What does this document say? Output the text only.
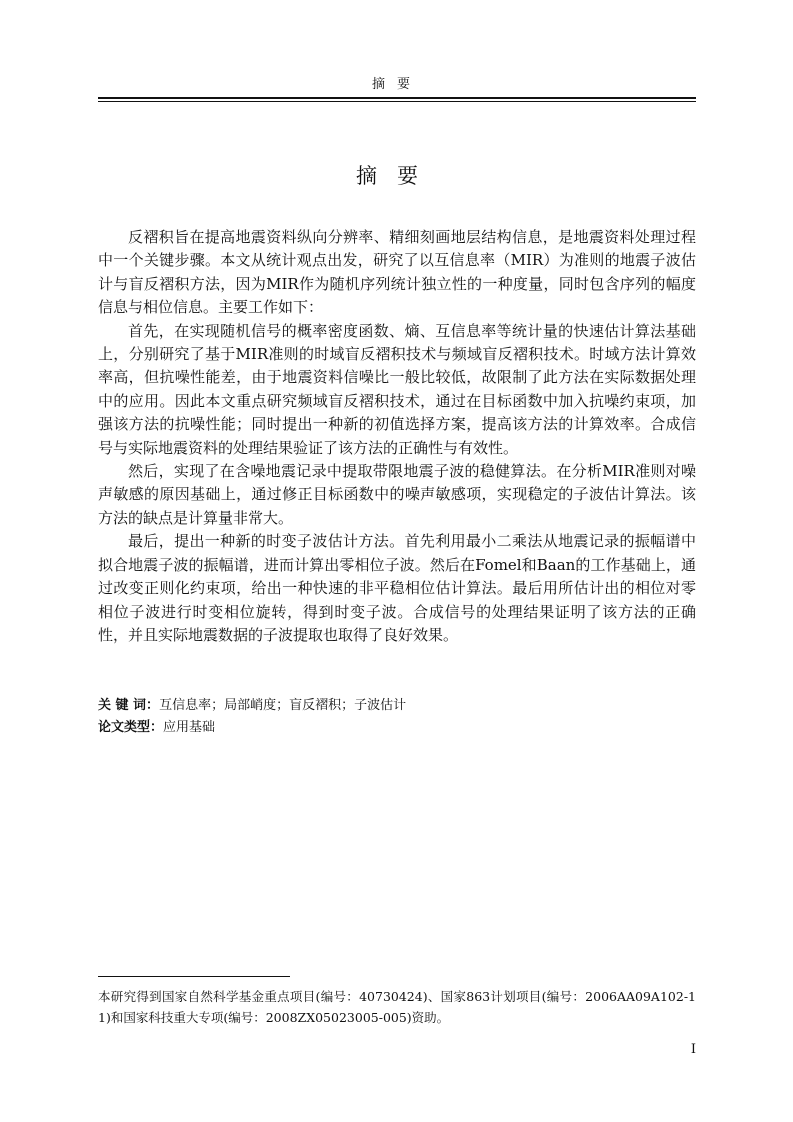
摘要
摘要

反褶积旨在提高地震资料纵向分辨率、精细刻画地层结构信息，是地震资料处理过程中一个关键步骤。本文从统计观点出发，研究了以互信息率（MIR）为准则的地震子波估计与盲反褶积方法，因为MIR作为随机序列统计独立性的一种度量，同时包含序列的幅度信息与相位信息。主要工作如下：

首先，在实现随机信号的概率密度函数、熵、互信息率等统计量的快速估计算法基础上，分别研究了基于MIR准则的时域盲反褶积技术与频域盲反褶积技术。时域方法计算效率高，但抗噪性能差，由于地震资料信噪比一般比较低，故限制了此方法在实际数据处理中的应用。因此本文重点研究频域盲反褶积技术，通过在目标函数中加入抗噪约束项，加强该方法的抗噪性能；同时提出一种新的初值选择方案，提高该方法的计算效率。合成信号与实际地震资料的处理结果验证了该方法的正确性与有效性。

然后，实现了在含噪地震记录中提取带限地震子波的稳健算法。在分析MIR准则对噪声敏感的原因基础上，通过修正目标函数中的噪声敏感项，实现稳定的子波估计算法。该方法的缺点是计算量非常大。

最后，提出一种新的时变子波估计方法。首先利用最小二乘法从地震记录的振幅谱中拟合地震子波的振幅谱，进而计算出零相位子波。然后在Fomel和Baan的工作基础上，通过改变正则化约束项，给出一种快速的非平稳相位估计算法。最后用所估计出的相位对零相位子波进行时变相位旋转，得到时变子波。合成信号的处理结果证明了该方法的正确性，并且实际地震数据的子波提取也取得了良好效果。

关 键 词：互信息率；局部峭度；盲反褶积；子波估计
论文类型：应用基础
本研究得到国家自然科学基金重点项目(编号：40730424)、国家863计划项目(编号：2006AA09A102-11)和国家科技重大专项(编号：2008ZX05023005-005)资助。
I
